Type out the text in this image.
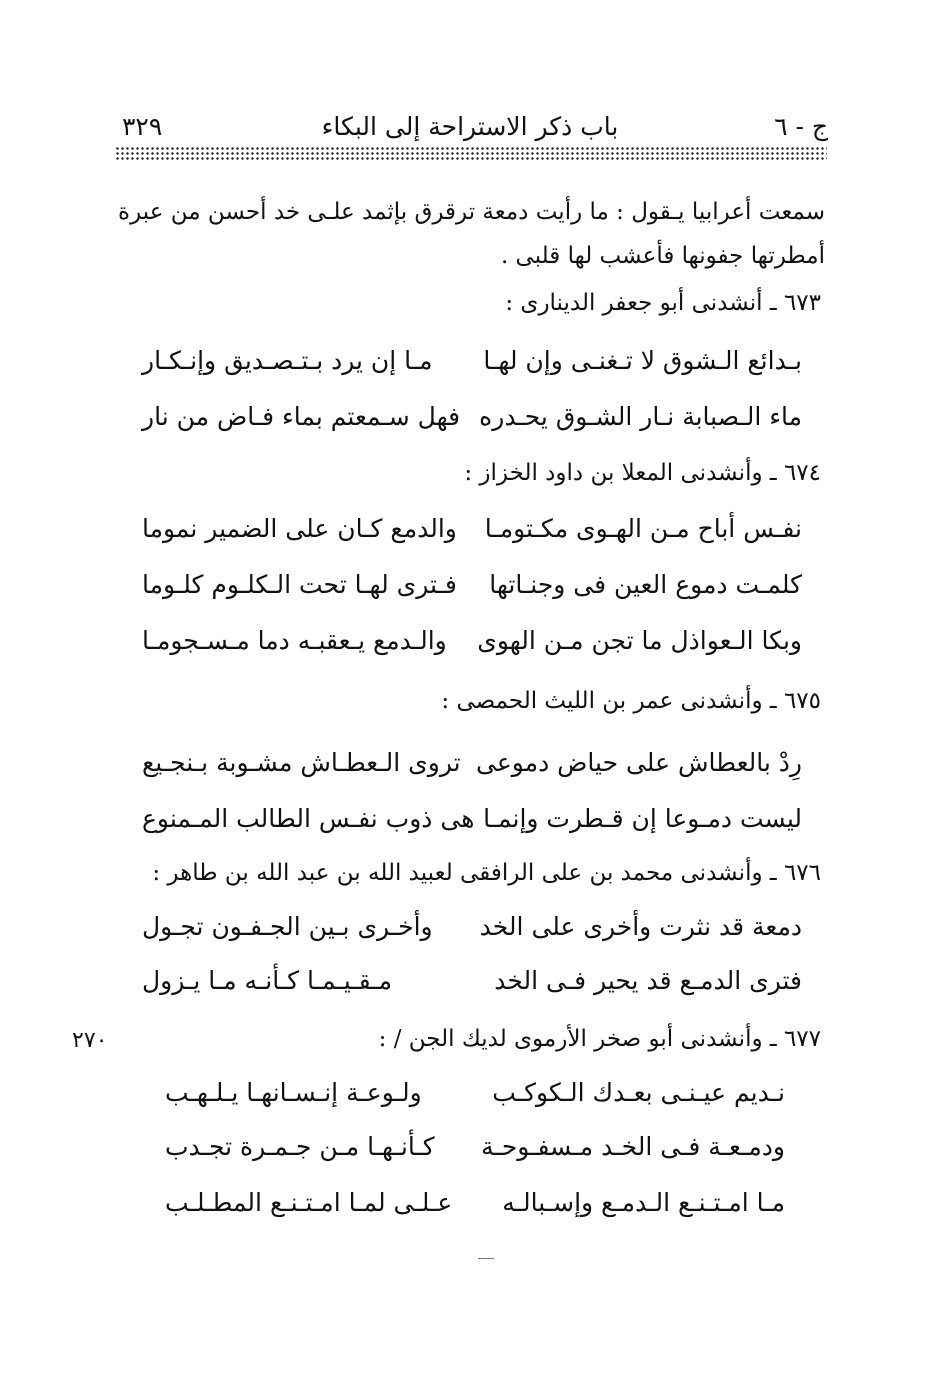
ج - ٦
باب ذكر الاستراحة إلى البكاء
٣٢٩
سمعت أعرابيا يـقول : ما رأيت دمعة ترقرق بإثمد علـى خد أحسن من عبرة أمطرتها جفونها فأعشب لها قلبى .
٦٧٣ ـ أنشدنى أبو جعفر الدينارى :
بـدائع الـشوق لا تـغنـى وإن لهـا
مـا إن يرد بـتـصـديق وإنـكـار
ماء الـصبابة نـار الشـوق يحـدره
فهل سـمعتم بماء فـاض من نار
٦٧٤ ـ وأنشدنى المعلا بن داود الخزاز :
نفـس أباح مـن الهـوى مكـتومـا
والدمع كـان على الضمير نموما
كلمـت دموع العين فى وجنـاتها
فـترى لهـا تحت الـكلـوم كلـوما
وبكا الـعواذل ما تجن مـن الهوى
والـدمع يـعقبـه دما مـسـجومـا
٦٧٥ ـ وأنشدنى عمر بن الليث الحمصى :
رِدْ بالعطاش على حياض دموعى
تروى الـعطـاش مشـوبة بـنجـيع
ليست دمـوعا إن قـطرت وإنمـا
هى ذوب نفـس الطالب المـمنوع
٦٧٦ ـ وأنشدنى محمد بن على الرافقى لعبيد الله بن عبد الله بن طاهر :
دمعة قد نثرت وأخرى على الخد
وأخـرى بـين الجـفـون تجـول
فترى الدمـع قد يحير فـى الخد
مـقـيـمـا كـأنـه مـا يـزول
٦٧٧ ـ وأنشدنى أبو صخر الأرموى لديك الجن / :
٢٧٠
نـديم عيـنـى بعـدك الـكوكـب
ولـوعـة إنـسـانهـا يـلـهـب
ودمـعـة فـى الخـد مـسفـوحـة
كـأنـهـا مـن جـمـرة تجـدب
مـا امـتـنـع الـدمـع وإسـبالـه
عـلـى لمـا امـتـنـع المطـلـب
